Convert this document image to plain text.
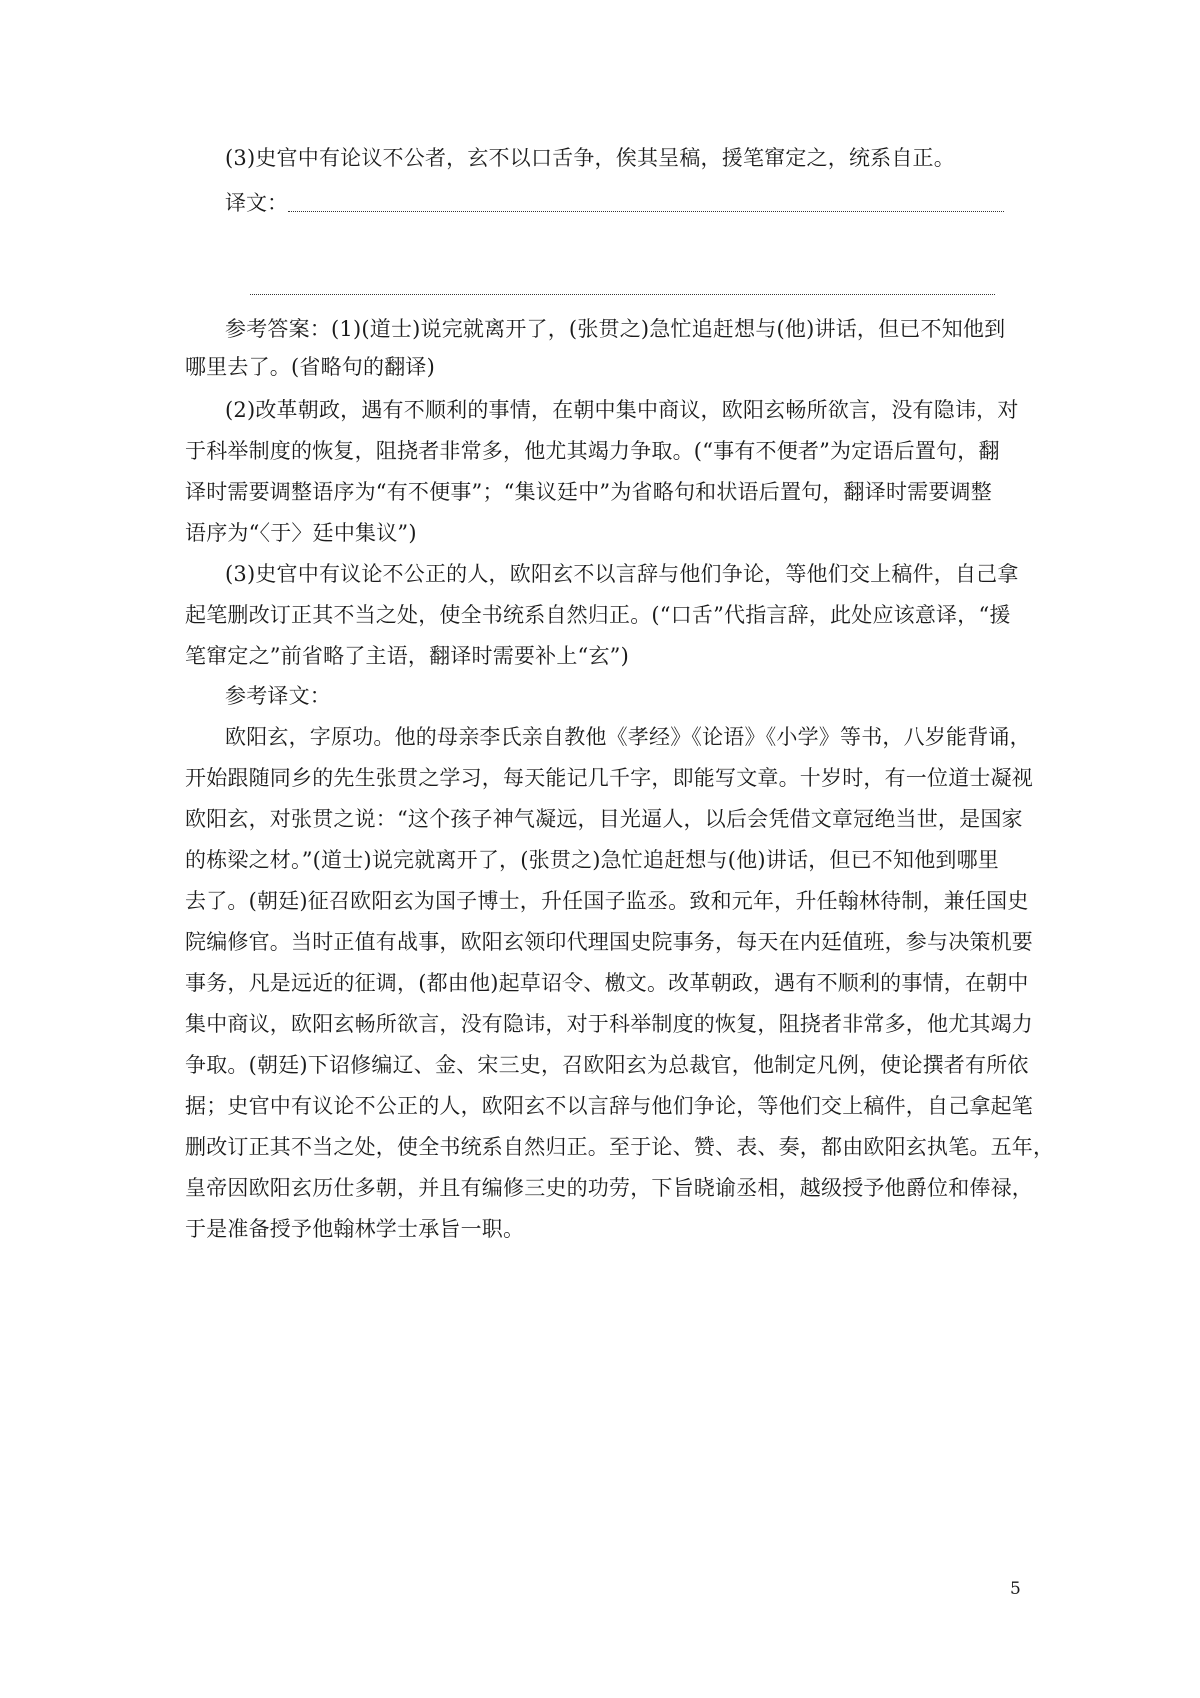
(3)史官中有论议不公者，玄不以口舌争，俟其呈稿，援笔窜定之，统系自正。
译文：
参考答案：(1)(道士)说完就离开了，(张贯之)急忙追赶想与(他)讲话，但已不知他到
哪里去了。(省略句的翻译)
(2)改革朝政，遇有不顺利的事情，在朝中集中商议，欧阳玄畅所欲言，没有隐讳，对
于科举制度的恢复，阻挠者非常多，他尤其竭力争取。(“事有不便者”为定语后置句，翻
译时需要调整语序为“有不便事”；“集议廷中”为省略句和状语后置句，翻译时需要调整
语序为“〈于〉廷中集议”)
(3)史官中有议论不公正的人，欧阳玄不以言辞与他们争论，等他们交上稿件，自己拿
起笔删改订正其不当之处，使全书统系自然归正。(“口舌”代指言辞，此处应该意译，“援
笔窜定之”前省略了主语，翻译时需要补上“玄”)
参考译文：
欧阳玄，字原功。他的母亲李氏亲自教他《孝经》《论语》《小学》等书，八岁能背诵，
开始跟随同乡的先生张贯之学习，每天能记几千字，即能写文章。十岁时，有一位道士凝视
欧阳玄，对张贯之说：“这个孩子神气凝远，目光逼人，以后会凭借文章冠绝当世，是国家
的栋梁之材。”(道士)说完就离开了，(张贯之)急忙追赶想与(他)讲话，但已不知他到哪里
去了。(朝廷)征召欧阳玄为国子博士，升任国子监丞。致和元年，升任翰林待制，兼任国史
院编修官。当时正值有战事，欧阳玄领印代理国史院事务，每天在内廷值班，参与决策机要
事务，凡是远近的征调，(都由他)起草诏令、檄文。改革朝政，遇有不顺利的事情，在朝中
集中商议，欧阳玄畅所欲言，没有隐讳，对于科举制度的恢复，阻挠者非常多，他尤其竭力
争取。(朝廷)下诏修编辽、金、宋三史，召欧阳玄为总裁官，他制定凡例，使论撰者有所依
据；史官中有议论不公正的人，欧阳玄不以言辞与他们争论，等他们交上稿件，自己拿起笔
删改订正其不当之处，使全书统系自然归正。至于论、赞、表、奏，都由欧阳玄执笔。五年，
皇帝因欧阳玄历仕多朝，并且有编修三史的功劳，下旨晓谕丞相，越级授予他爵位和俸禄，
于是准备授予他翰林学士承旨一职。
5
